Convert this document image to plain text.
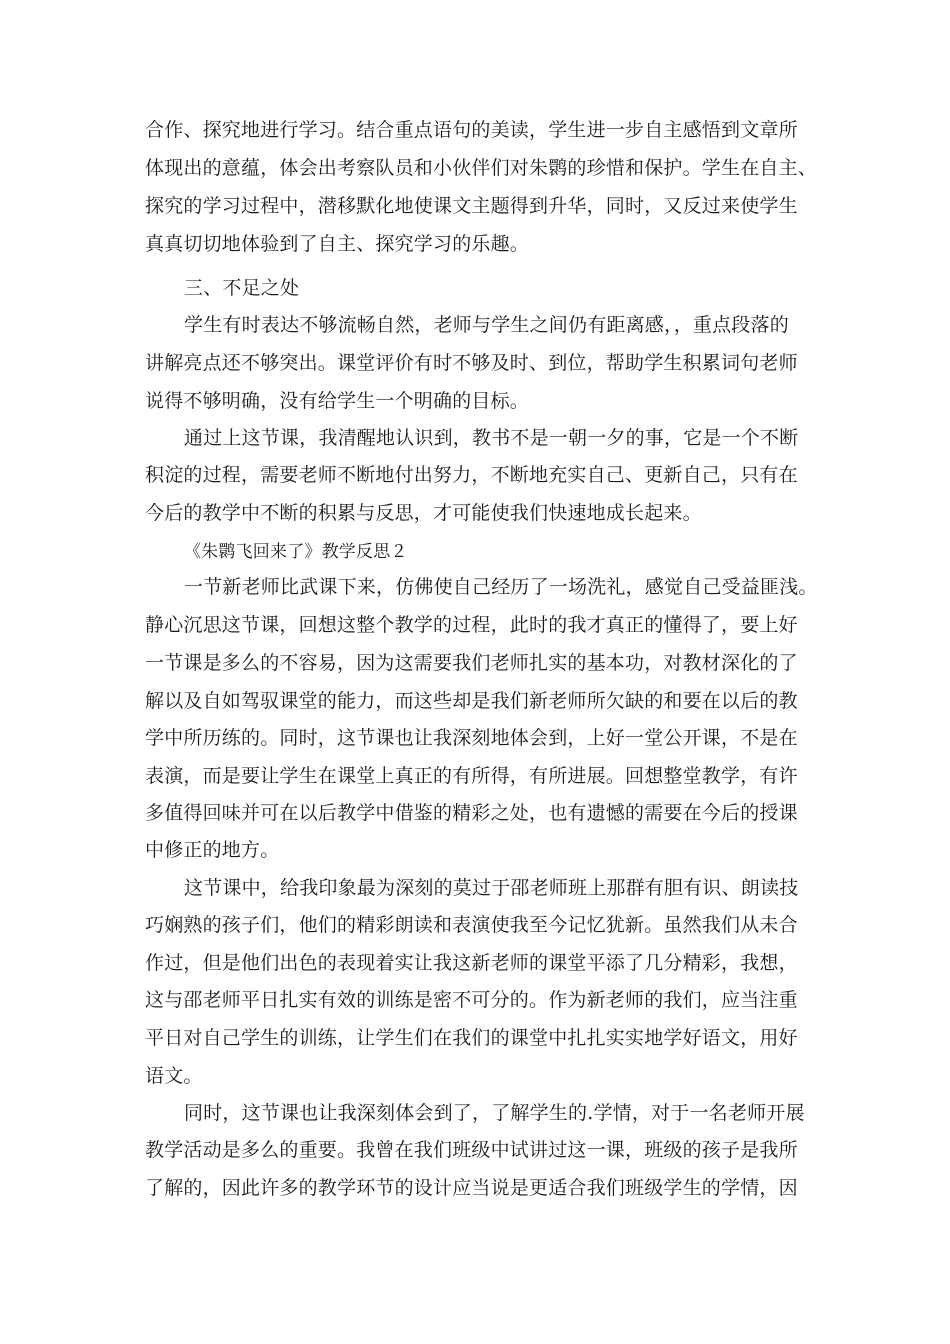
合作、探究地进行学习。结合重点语句的美读，学生进一步自主感悟到文章所
体现出的意蕴，体会出考察队员和小伙伴们对朱鹮的珍惜和保护。学生在自主、
探究的学习过程中，潜移默化地使课文主题得到升华，同时，又反过来使学生
真真切切地体验到了自主、探究学习的乐趣。
三、不足之处
学生有时表达不够流畅自然，老师与学生之间仍有距离感，，重点段落的
讲解亮点还不够突出。课堂评价有时不够及时、到位，帮助学生积累词句老师
说得不够明确，没有给学生一个明确的目标。
通过上这节课，我清醒地认识到，教书不是一朝一夕的事，它是一个不断
积淀的过程，需要老师不断地付出努力，不断地充实自己、更新自己，只有在
今后的教学中不断的积累与反思，才可能使我们快速地成长起来。
《朱鹮飞回来了》教学反思２
一节新老师比武课下来，仿佛使自己经历了一场洗礼，感觉自己受益匪浅。
静心沉思这节课，回想这整个教学的过程，此时的我才真正的懂得了，要上好
一节课是多么的不容易，因为这需要我们老师扎实的基本功，对教材深化的了
解以及自如驾驭课堂的能力，而这些却是我们新老师所欠缺的和要在以后的教
学中所历练的。同时，这节课也让我深刻地体会到，上好一堂公开课，不是在
表演，而是要让学生在课堂上真正的有所得，有所进展。回想整堂教学，有许
多值得回味并可在以后教学中借鉴的精彩之处，也有遗憾的需要在今后的授课
中修正的地方。
这节课中，给我印象最为深刻的莫过于邵老师班上那群有胆有识、朗读技
巧娴熟的孩子们，他们的精彩朗读和表演使我至今记忆犹新。虽然我们从未合
作过，但是他们出色的表现着实让我这新老师的课堂平添了几分精彩，我想，
这与邵老师平日扎实有效的训练是密不可分的。作为新老师的我们，应当注重
平日对自己学生的训练，让学生们在我们的课堂中扎扎实实地学好语文，用好
语文。
同时，这节课也让我深刻体会到了，了解学生的.学情，对于一名老师开展
教学活动是多么的重要。我曾在我们班级中试讲过这一课，班级的孩子是我所
了解的，因此许多的教学环节的设计应当说是更适合我们班级学生的学情，因
